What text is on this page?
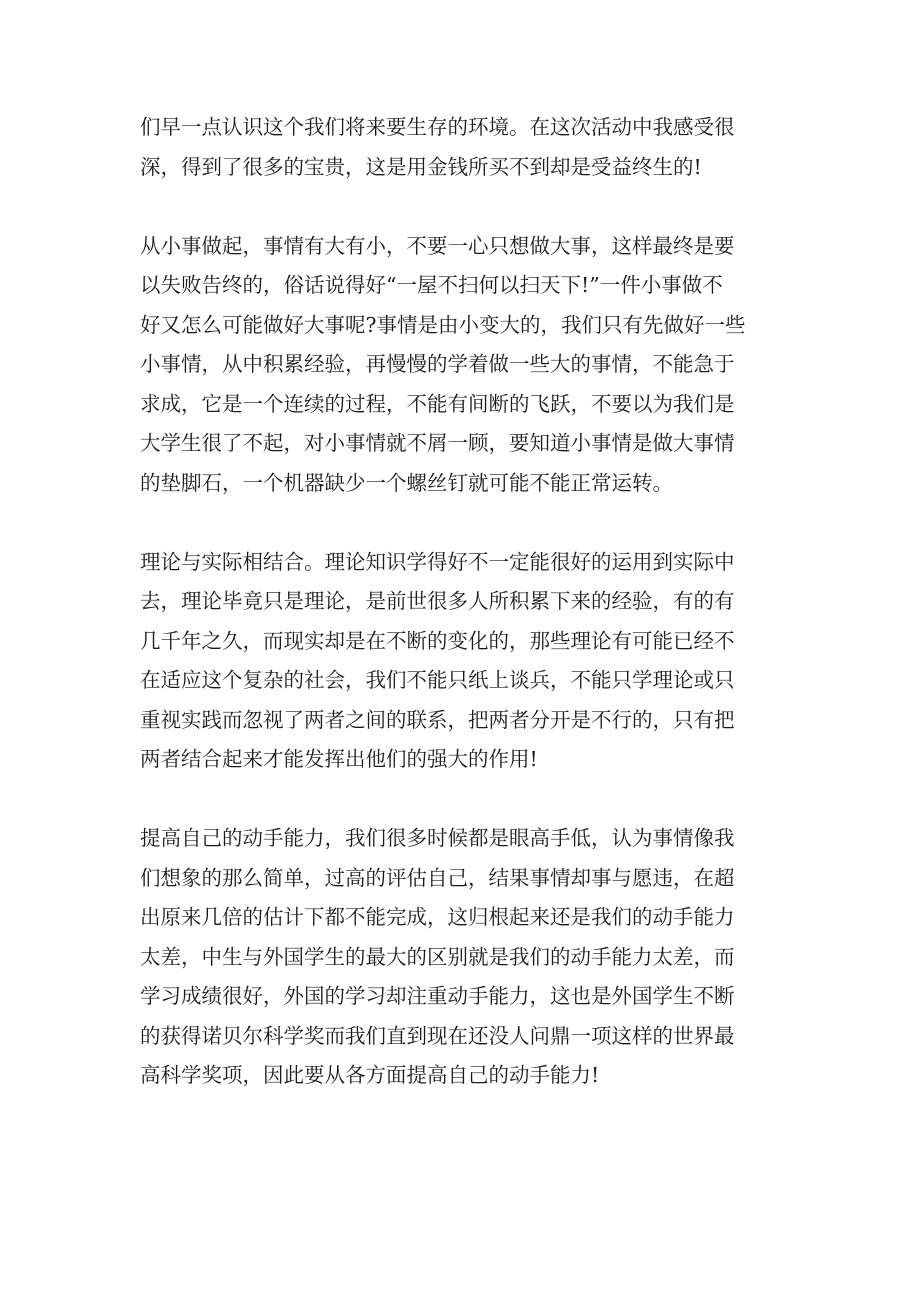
们早一点认识这个我们将来要生存的环境。在这次活动中我感受很
深，得到了很多的宝贵，这是用金钱所买不到却是受益终生的!

从小事做起，事情有大有小，不要一心只想做大事，这样最终是要
以失败告终的，俗话说得好“一屋不扫何以扫天下!”一件小事做不
好又怎么可能做好大事呢?事情是由小变大的，我们只有先做好一些
小事情，从中积累经验，再慢慢的学着做一些大的事情，不能急于
求成，它是一个连续的过程，不能有间断的飞跃，不要以为我们是
大学生很了不起，对小事情就不屑一顾，要知道小事情是做大事情
的垫脚石，一个机器缺少一个螺丝钉就可能不能正常运转。

理论与实际相结合。理论知识学得好不一定能很好的运用到实际中
去，理论毕竟只是理论，是前世很多人所积累下来的经验，有的有
几千年之久，而现实却是在不断的变化的，那些理论有可能已经不
在适应这个复杂的社会，我们不能只纸上谈兵，不能只学理论或只
重视实践而忽视了两者之间的联系，把两者分开是不行的，只有把
两者结合起来才能发挥出他们的强大的作用!

提高自己的动手能力，我们很多时候都是眼高手低，认为事情像我
们想象的那么简单，过高的评估自己，结果事情却事与愿违，在超
出原来几倍的估计下都不能完成，这归根起来还是我们的动手能力
太差，中生与外国学生的最大的区别就是我们的动手能力太差，而
学习成绩很好，外国的学习却注重动手能力，这也是外国学生不断
的获得诺贝尔科学奖而我们直到现在还没人问鼎一项这样的世界最
高科学奖项，因此要从各方面提高自己的动手能力!
